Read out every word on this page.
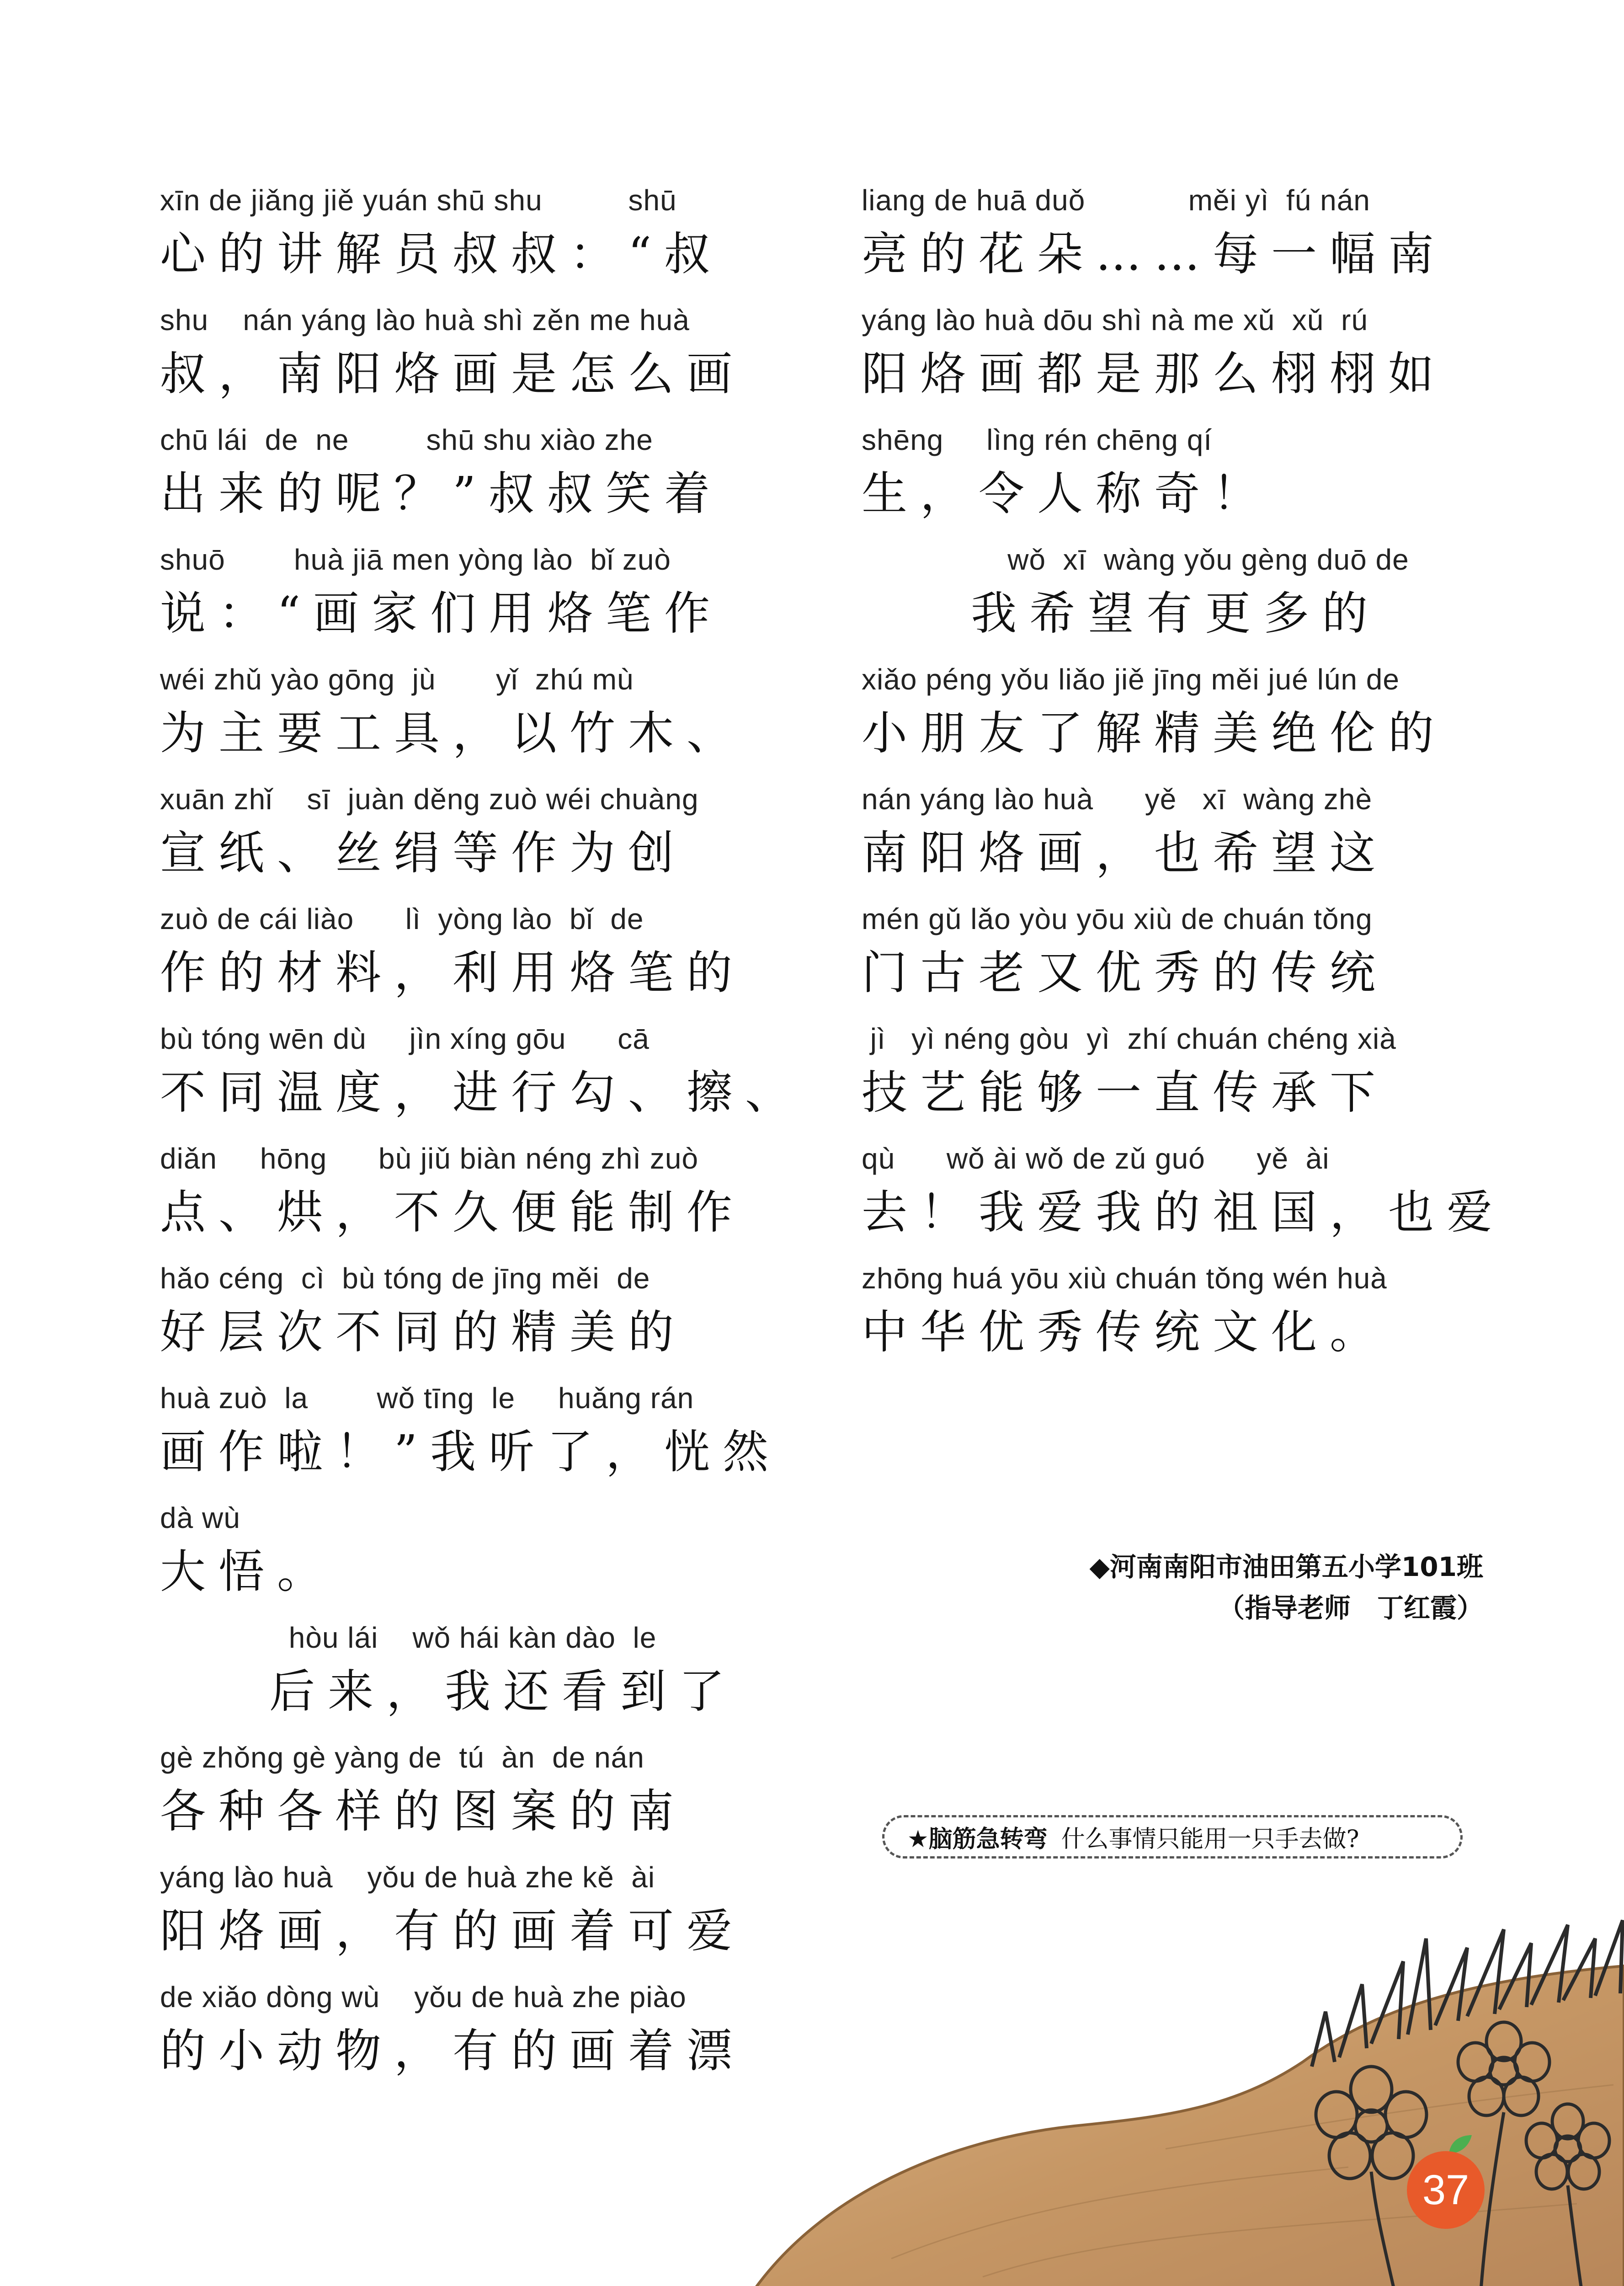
xīn de jiǎng jiě yuán shū shu          shū
心的讲解员叔叔：“叔
shu    nán yáng lào huà shì zěn me huà
叔，南阳烙画是怎么画
chū lái  de  ne         shū shu xiào zhe
出来的呢？”叔叔笑着
shuō        huà jiā men yòng lào  bǐ zuò
说：“画家们用烙笔作
wéi zhǔ yào gōng  jù       yǐ  zhú mù
为主要工具，以竹木、
xuān zhǐ    sī  juàn děng zuò wéi chuàng
宣纸、丝绢等作为创
zuò de cái liào      lì  yòng lào  bǐ  de
作的材料，利用烙笔的
bù tóng wēn dù     jìn xíng gōu      cā
不同温度，进行勾、擦、
diǎn     hōng      bù jiǔ biàn néng zhì zuò
点、烘，不久便能制作
hǎo céng  cì  bù tóng de jīng měi  de
好层次不同的精美的
huà zuò  la        wǒ tīng  le     huǎng rán
画作啦！”我听了，恍然
dà wù
大悟。
hòu lái    wǒ hái kàn dào  le
后来，我还看到了
gè zhǒng gè yàng de  tú  àn  de nán
各种各样的图案的南
yáng lào huà    yǒu de huà zhe kě  ài
阳烙画，有的画着可爱
de xiǎo dòng wù    yǒu de huà zhe piào
的小动物，有的画着漂
liang de huā duǒ            měi yì  fú nán
亮的花朵……每一幅南
yáng lào huà dōu shì nà me xǔ  xǔ  rú
阳烙画都是那么栩栩如
shēng     lìng rén chēng qí
生，令人称奇！
wǒ  xī  wàng yǒu gèng duō de
我希望有更多的
xiǎo péng yǒu liǎo jiě jīng měi jué lún de
小朋友了解精美绝伦的
nán yáng lào huà      yě   xī  wàng zhè
南阳烙画，也希望这
mén gǔ lǎo yòu yōu xiù de chuán tǒng
门古老又优秀的传统
jì   yì néng gòu  yì  zhí chuán chéng xià
技艺能够一直传承下
qù      wǒ ài wǒ de zǔ guó      yě  ài
去！我爱我的祖国，也爱
zhōng huá yōu xiù chuán tǒng wén huà
中华优秀传统文化。
◆河南南阳市油田第五小学101班
（指导老师　丁红霞）
★脑筋急转弯 什么事情只能用一只手去做?
37
